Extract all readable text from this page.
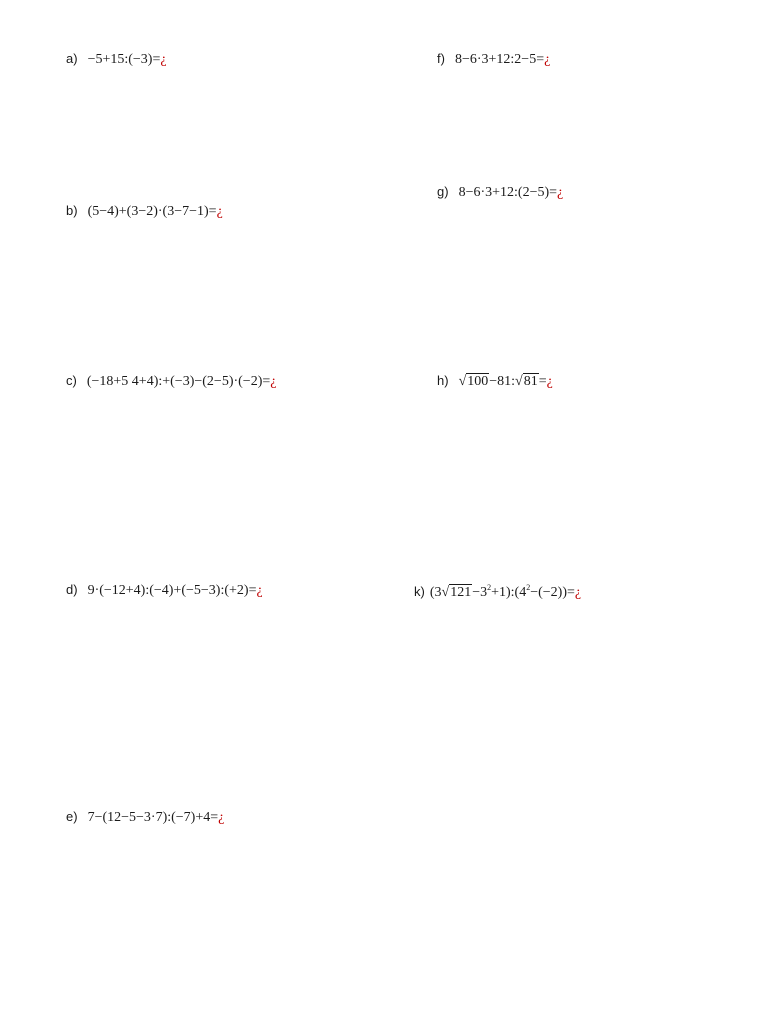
a) −5+15:(−3)=¿	f) 8−6·3+12:2−5=¿
g) 8−6·3+12:(2−5)=¿
b) (5−4)+(3−2)·(3−7−1)=¿
c) (−18+5 4+4):+(−3)−(2−5)·(−2)=¿	h) √100−81:√81=¿
d) 9·(−12+4):(−4)+(−5−3):(+2)=¿	k) $(3√121-3^2+1):(4^2-(-2))=¿$
e) 7−(12−5−3·7):(−7)+4=¿
